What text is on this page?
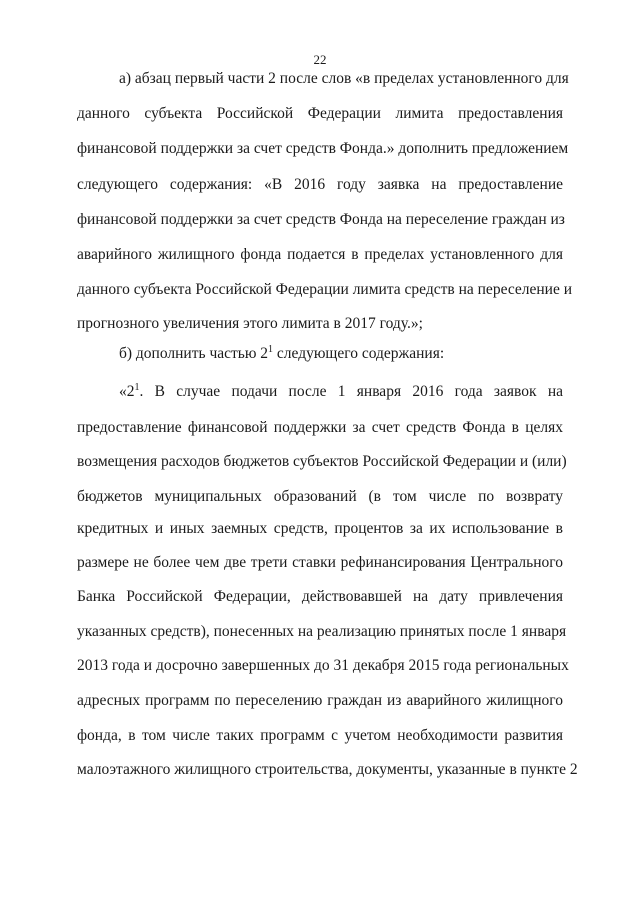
22
а) абзац первый части 2 после слов «в пределах установленного для
данного субъекта Российской Федерации лимита предоставления
финансовой поддержки за счет средств Фонда.» дополнить предложением
следующего содержания: «В 2016 году заявка на предоставление
финансовой поддержки за счет средств Фонда на переселение граждан из
аварийного жилищного фонда подается в пределах установленного для
данного субъекта Российской Федерации лимита средств на переселение и
прогнозного увеличения этого лимита в 2017 году.»;
б) дополнить частью $2^1$ следующего содержания:
«$2^1$. В случае подачи после 1 января 2016 года заявок на
предоставление финансовой поддержки за счет средств Фонда в целях
возмещения расходов бюджетов субъектов Российской Федерации и (или)
бюджетов муниципальных образований (в том числе по возврату
кредитных и иных заемных средств, процентов за их использование в
размере не более чем две трети ставки рефинансирования Центрального
Банка Российской Федерации, действовавшей на дату привлечения
указанных средств), понесенных на реализацию принятых после 1 января
2013 года и досрочно завершенных до 31 декабря 2015 года региональных
адресных программ по переселению граждан из аварийного жилищного
фонда, в том числе таких программ с учетом необходимости развития
малоэтажного жилищного строительства, документы, указанные в пункте 2
